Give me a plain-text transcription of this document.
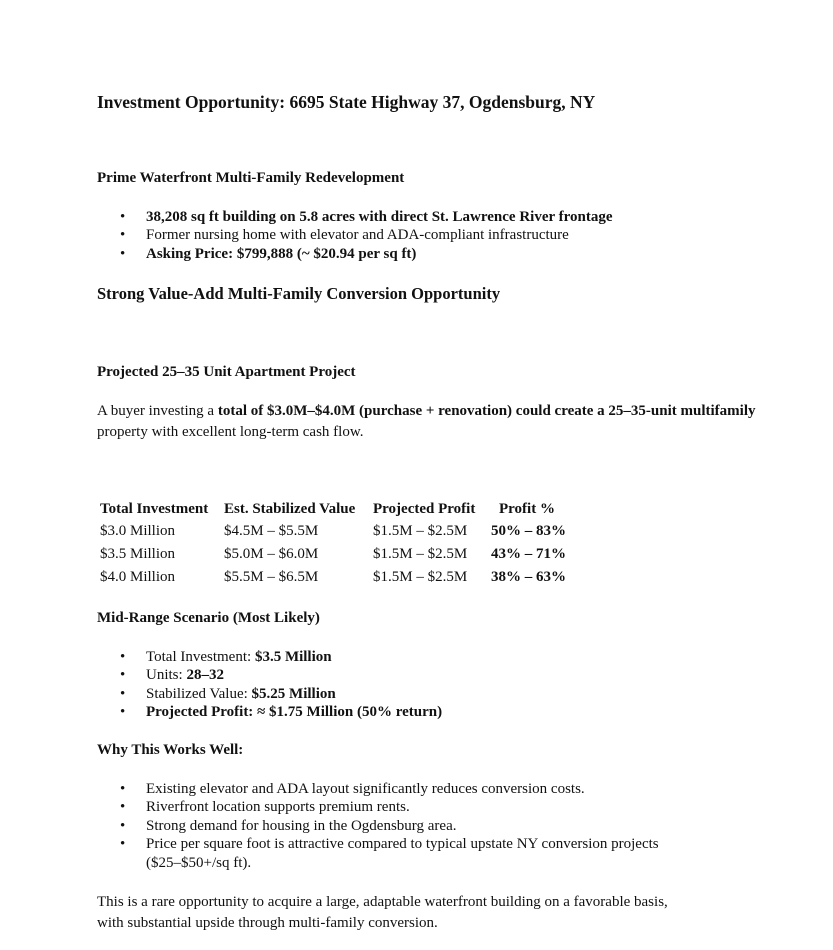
Investment Opportunity: 6695 State Highway 37, Ogdensburg, NY
Prime Waterfront Multi-Family Redevelopment
• 38,208 sq ft building on 5.8 acres with direct St. Lawrence River frontage
• Former nursing home with elevator and ADA-compliant infrastructure
• Asking Price: $799,888 (~ $20.94 per sq ft)
Strong Value-Add Multi-Family Conversion Opportunity
Projected 25–35 Unit Apartment Project
A buyer investing a total of $3.0M–$4.0M (purchase + renovation) could create a 25–35-unit multifamily property with excellent long-term cash flow.
Total Investment	Est. Stabilized Value	Projected Profit	Profit %
$3.0 Million	$4.5M – $5.5M	$1.5M – $2.5M	50% – 83%
$3.5 Million	$5.0M – $6.0M	$1.5M – $2.5M	43% – 71%
$4.0 Million	$5.5M – $6.5M	$1.5M – $2.5M	38% – 63%
Mid-Range Scenario (Most Likely)
• Total Investment: $3.5 Million
• Units: 28–32
• Stabilized Value: $5.25 Million
• Projected Profit: ≈ $1.75 Million (50% return)
Why This Works Well:
• Existing elevator and ADA layout significantly reduces conversion costs.
• Riverfront location supports premium rents.
• Strong demand for housing in the Ogdensburg area.
• Price per square foot is attractive compared to typical upstate NY conversion projects
($25–$50+/sq ft).
This is a rare opportunity to acquire a large, adaptable waterfront building on a favorable basis,
with substantial upside through multi-family conversion.
